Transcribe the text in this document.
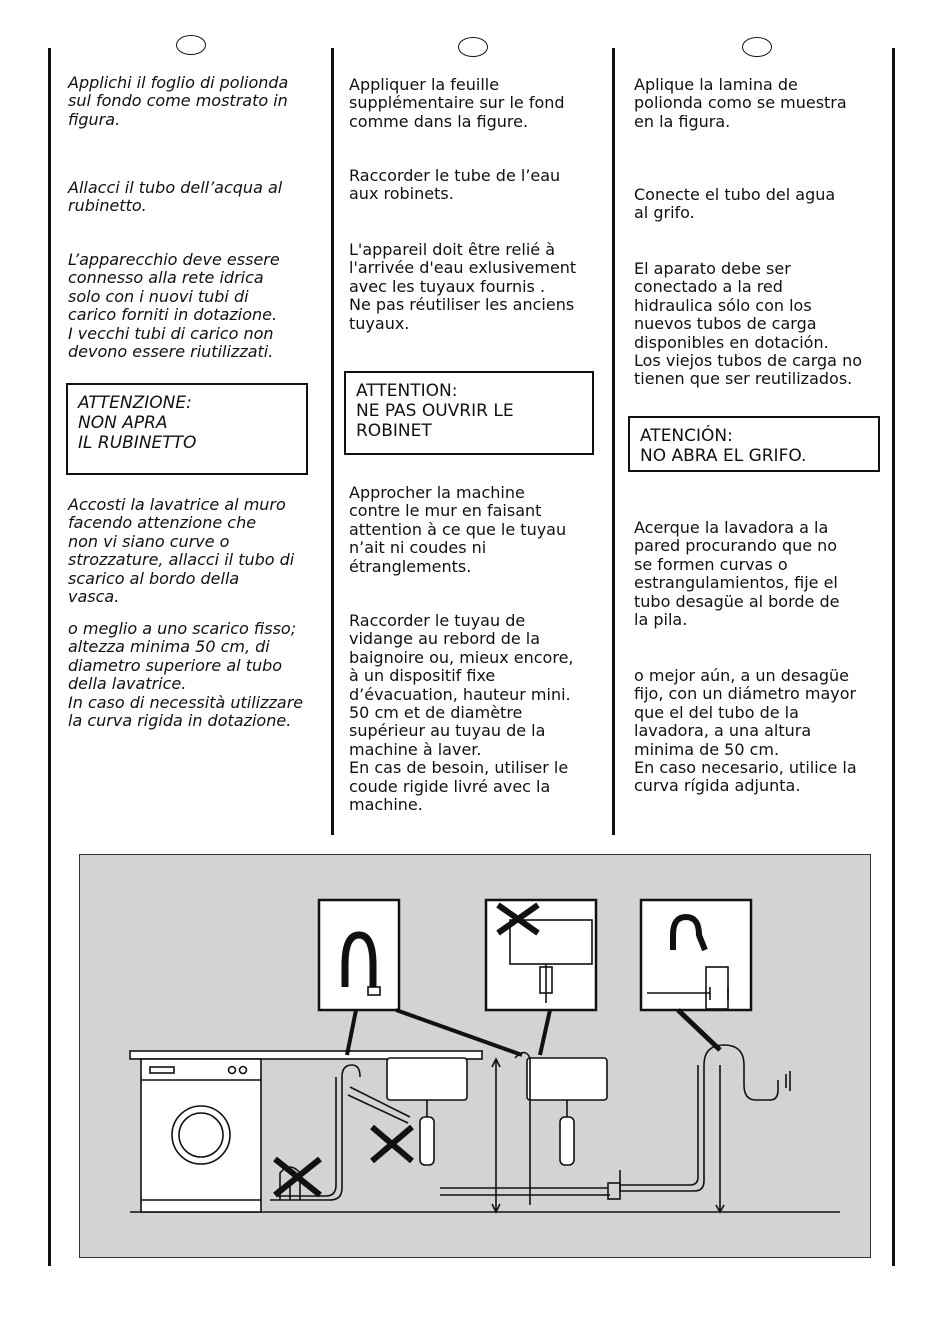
Applichi il foglio di polionda
sul fondo come mostrato in
figura.

Allacci il tubo dell’acqua al
rubinetto.

L’apparecchio deve essere
connesso alla rete idrica
solo con i nuovi tubi di
carico forniti in dotazione.
I vecchi tubi di carico non
devono essere riutilizzati.

Accosti la lavatrice al muro
facendo attenzione che
non vi siano curve o
strozzature, allacci il tubo di
scarico al bordo della
vasca.

o meglio a uno scarico fisso;
altezza minima 50 cm, di
diametro superiore al tubo
della lavatrice.
In caso di necessità utilizzare
la curva rigida in dotazione.

ATTENZIONE:
NON APRA
IL RUBINETTO

Appliquer la feuille
supplémentaire sur le fond
comme dans la figure.

Raccorder le tube de l’eau
aux robinets.

L'appareil doit être relié à
l'arrivée d'eau exlusivement
avec les tuyaux fournis .
Ne pas réutiliser les anciens
tuyaux.

Approcher la machine
contre le mur en faisant
attention à ce que le tuyau
n’ait ni coudes ni
étranglements.

Raccorder le tuyau de
vidange au rebord de la
baignoire ou, mieux encore,
à un dispositif fixe
d’évacuation, hauteur mini.
50 cm et de diamètre
supérieur au tuyau de la
machine à laver.
En cas de besoin, utiliser le
coude rigide livré avec la
machine.

ATTENTION:
NE PAS OUVRIR LE
ROBINET

Aplique la lamina de
polionda como se muestra
en la figura.

Conecte el tubo del agua
al grifo.

El aparato debe ser
conectado a la red
hidraulica sólo con los
nuevos tubos de carga
disponibles en dotación.
Los viejos tubos de carga no
tienen que ser reutilizados.

Acerque la lavadora a la
pared procurando que no
se formen curvas o
estrangulamientos, fije el
tubo desagüe al borde de
la pila.

o mejor aún, a un desagüe
fijo, con un diámetro mayor
que el del tubo de la
lavadora, a una altura
minima de 50 cm.
En caso necesario, utilice la
curva rígida adjunta.

ATENCIÓN:
NO ABRA EL GRIFO.
